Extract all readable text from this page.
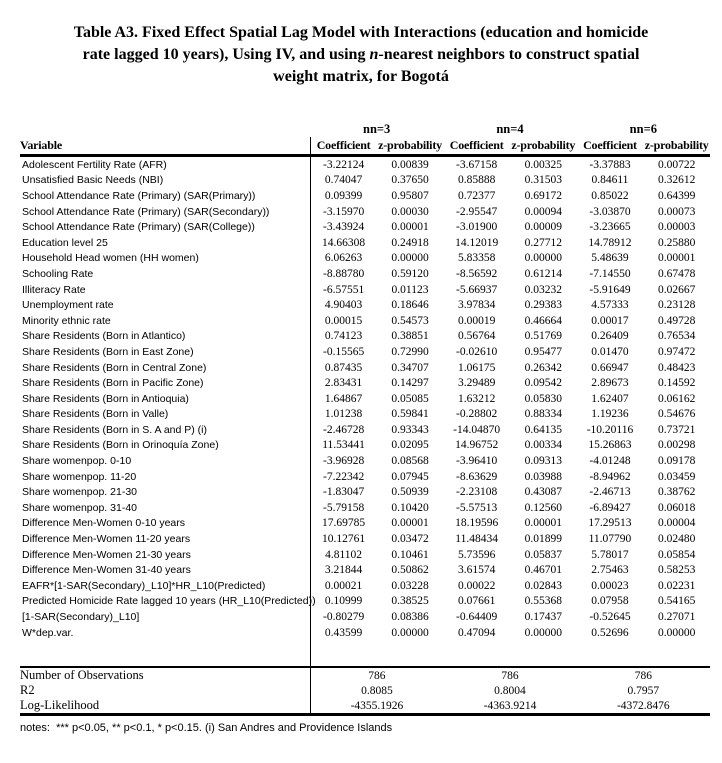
Table A3. Fixed Effect Spatial Lag Model with Interactions (education and homicide
rate lagged 10 years), Using IV, and using n-nearest neighbors to construct spatial
weight matrix, for Bogotá
	nn=3		nn=4		nn=6	
Variable	Coefficient	z-probability	Coefficient	z-probability	Coefficient	z-probability
Adolescent Fertility Rate (AFR)	-3.22124	0.00839	-3.67158	0.00325	-3.37883	0.00722
Unsatisfied Basic Needs (NBI)	0.74047	0.37650	0.85888	0.31503	0.84611	0.32612
School Attendance Rate (Primary) (SAR(Primary))	0.09399	0.95807	0.72377	0.69172	0.85022	0.64399
School Attendance Rate (Primary) (SAR(Secondary))	-3.15970	0.00030	-2.95547	0.00094	-3.03870	0.00073
School Attendance Rate (Primary) (SAR(College))	-3.43924	0.00001	-3.01900	0.00009	-3.23665	0.00003
Education level 25	14.66308	0.24918	14.12019	0.27712	14.78912	0.25880
Household Head women (HH women)	6.06263	0.00000	5.83358	0.00000	5.48639	0.00001
Schooling Rate	-8.88780	0.59120	-8.56592	0.61214	-7.14550	0.67478
Illiteracy Rate	-6.57551	0.01123	-5.66937	0.03232	-5.91649	0.02667
Unemployment rate	4.90403	0.18646	3.97834	0.29383	4.57333	0.23128
Minority ethnic rate	0.00015	0.54573	0.00019	0.46664	0.00017	0.49728
Share Residents (Born in Atlantico)	0.74123	0.38851	0.56764	0.51769	0.26409	0.76534
Share Residents (Born in East Zone)	-0.15565	0.72990	-0.02610	0.95477	0.01470	0.97472
Share Residents (Born in Central Zone)	0.87435	0.34707	1.06175	0.26342	0.66947	0.48423
Share Residents (Born in Pacific Zone)	2.83431	0.14297	3.29489	0.09542	2.89673	0.14592
Share Residents (Born in Antioquia)	1.64867	0.05085	1.63212	0.05830	1.62407	0.06162
Share Residents (Born in Valle)	1.01238	0.59841	-0.28802	0.88334	1.19236	0.54676
Share Residents (Born in S. A and P) (i)	-2.46728	0.93343	-14.04870	0.64135	-10.20116	0.73721
Share Residents (Born in Orinoquía Zone)	11.53441	0.02095	14.96752	0.00334	15.26863	0.00298
Share womenpop. 0-10	-3.96928	0.08568	-3.96410	0.09313	-4.01248	0.09178
Share womenpop. 11-20	-7.22342	0.07945	-8.63629	0.03988	-8.94962	0.03459
Share womenpop. 21-30	-1.83047	0.50939	-2.23108	0.43087	-2.46713	0.38762
Share womenpop. 31-40	-5.79158	0.10420	-5.57513	0.12560	-6.89427	0.06018
Difference Men-Women 0-10 years	17.69785	0.00001	18.19596	0.00001	17.29513	0.00004
Difference Men-Women 11-20 years	10.12761	0.03472	11.48434	0.01899	11.07790	0.02480
Difference Men-Women 21-30 years	4.81102	0.10461	5.73596	0.05837	5.78017	0.05854
Difference Men-Women 31-40 years	3.21844	0.50862	3.61574	0.46701	2.75463	0.58253
EAFR*[1-SAR(Secondary)_L10]*HR_L10(Predicted)	0.00021	0.03228	0.00022	0.02843	0.00023	0.02231
Predicted Homicide Rate lagged 10 years (HR_L10(Predicted))	0.10999	0.38525	0.07661	0.55368	0.07958	0.54165
[1-SAR(Secondary)_L10]	-0.80279	0.08386	-0.64409	0.17437	-0.52645	0.27071
W*dep.var.	0.43599	0.00000	0.47094	0.00000	0.52696	0.00000

Number of Observations	786		786		786	
R2	0.8085		0.8004		0.7957	
Log-Likelihood	-4355.1926		-4363.9214		-4372.8476	
notes:  *** p<0.05, ** p<0.1, * p<0.15. (i) San Andres and Providence Islands
